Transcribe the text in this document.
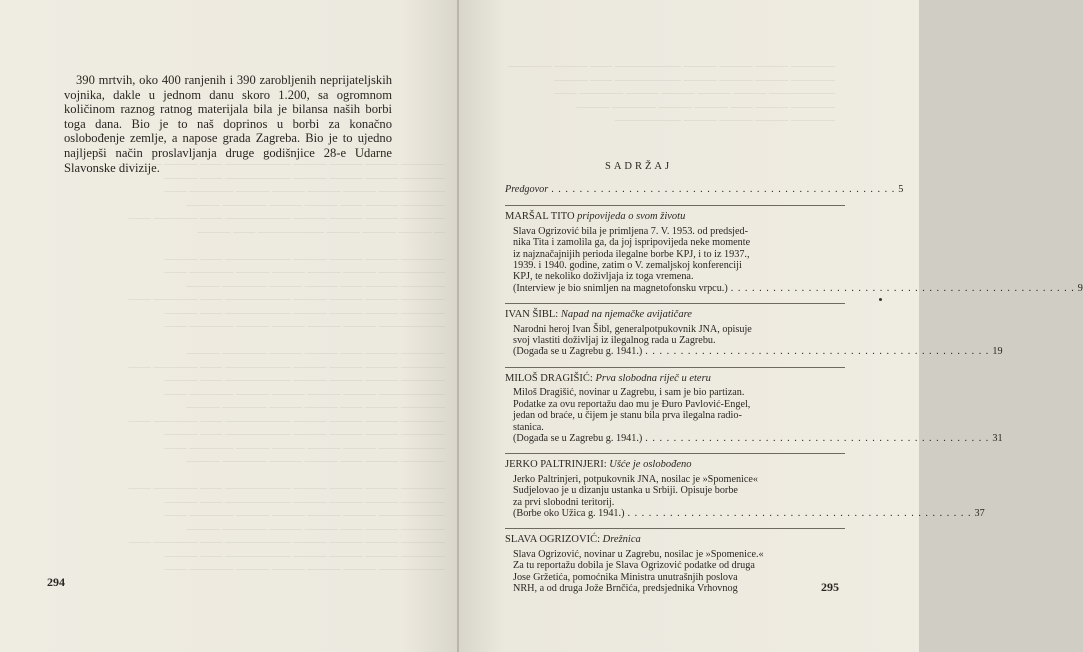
———— ——— ——— ——— —————— —— ——— ————
———— ——— ——— ——— —————— —— ———
—————— ——— ——— ——— ——— ———— ——
———— ——— —— ——— ——— ———— ———
———— ——— ——— ——— —————— —— ———— ——
— ——— ——— ——— —————— —— ———

———— ——— ——— ——— —————— —— ———
—————— ——— ——— ——— ——— ———— ——
———— ——— —— ——— ——— ———— ———
———— ——— ——— ——— —————— —— ———— ——
———— ——— ——— ——— —————— —— ———
—————— ——— ——— ——— ——— ———— ——

———— ——— —— ——— ——— ———— ———
———— ——— ——— ——— —————— —— ———— ——
———— ——— ——— ——— —————— —— ———
—————— ——— ——— ——— ——— ———— ——
———— ——— —— ——— ——— ———— ———
———— ——— ——— ——— —————— —— ———— ——
———— ——— ——— ——— —————— —— ———
—————— ——— ——— ——— ——— ———— ——
———— ——— —— ——— ——— ———— ———

———— ——— ——— ——— —————— —— ———— ——
———— ——— ——— ——— —————— —— ———
—————— ——— ——— ——— ——— ———— ——
———— ——— —— ——— ——— ———— ———
———— ——— ——— ——— —————— —— ———— ——
———— ——— ——— ——— —————— —— ———
—————— ——— ——— ——— ——— ———— ——
390 mrtvih, oko 400 ranjenih i 390 zarobljenih neprijateljskih vojnika, dakle u jednom danu skoro 1.200, sa ogromnom količinom raznog ratnog materijala bila je bilansa naših borbi toga dana. Bio je to naš doprinos u borbi za konačno oslobođenje zemlje, a napose grada Zagreba. Bio je to ujedno najljepši način proslavljanja druge godišnjice 28-e Udarne Slavonske divizije.
294
———— ——— ——— ——— —————— —— ——— ————
———— ——— ——— ——— —————— —— ———
—————— ——— ——— ——— ——— ———— ——
———— ——— —— ——— ——— ———— ———
———— ——— ——— ——— ——————
SADRŽAJ
Predgovor . . .	5
MARŠAL TITO pripovijeda o svom životu
Slava Ogrizović bila je primljena 7. V. 1953. od predsjed-
nika Tita i zamolila ga, da joj ispripovijeda neke momente
iz najznačajnijih perioda ilegalne borbe KPJ, i to iz 1937.,
1939. i 1940. godine, zatim o V. zemaljskoj konferenciji
KPJ, te nekoliko doživljaja iz toga vremena.
(Interview je bio snimljen na magnetofonsku vrpcu.) . . .	9
IVAN ŠIBL: Napad na njemačke avijatičare
Narodni heroj Ivan Šibl, generalpotpukovnik JNA, opisuje
svoj vlastiti doživljaj iz ilegalnog rada u Zagrebu.
(Događa se u Zagrebu g. 1941.) . . .	19
MILOŠ DRAGIŠIĆ: Prva slobodna riječ u eteru
Miloš Dragišić, novinar u Zagrebu, i sam je bio partizan.
Podatke za ovu reportažu dao mu je Đuro Pavlović-Engel,
jedan od braće, u čijem je stanu bila prva ilegalna radio-
stanica.
(Događa se u Zagrebu g. 1941.) . . .	31
JERKO PALTRINJERI: Ušće je oslobođeno
Jerko Paltrinjeri, potpukovnik JNA, nosilac je »Spomenice«
Sudjelovao je u dizanju ustanka u Srbiji. Opisuje borbe
za prvi slobodni teritorij.
(Borbe oko Užica g. 1941.) . . .	37
SLAVA OGRIZOVIĆ: Drežnica
Slava Ogrizović, novinar u Zagrebu, nosilac je »Spomenice.«
Za tu reportažu dobila je Slava Ogrizović podatke od druga
Jose Gržetića, pomoćnika Ministra unutrašnjih poslova
NRH, a od druga Jože Brnčića, predsjednika Vrhovnog	295
